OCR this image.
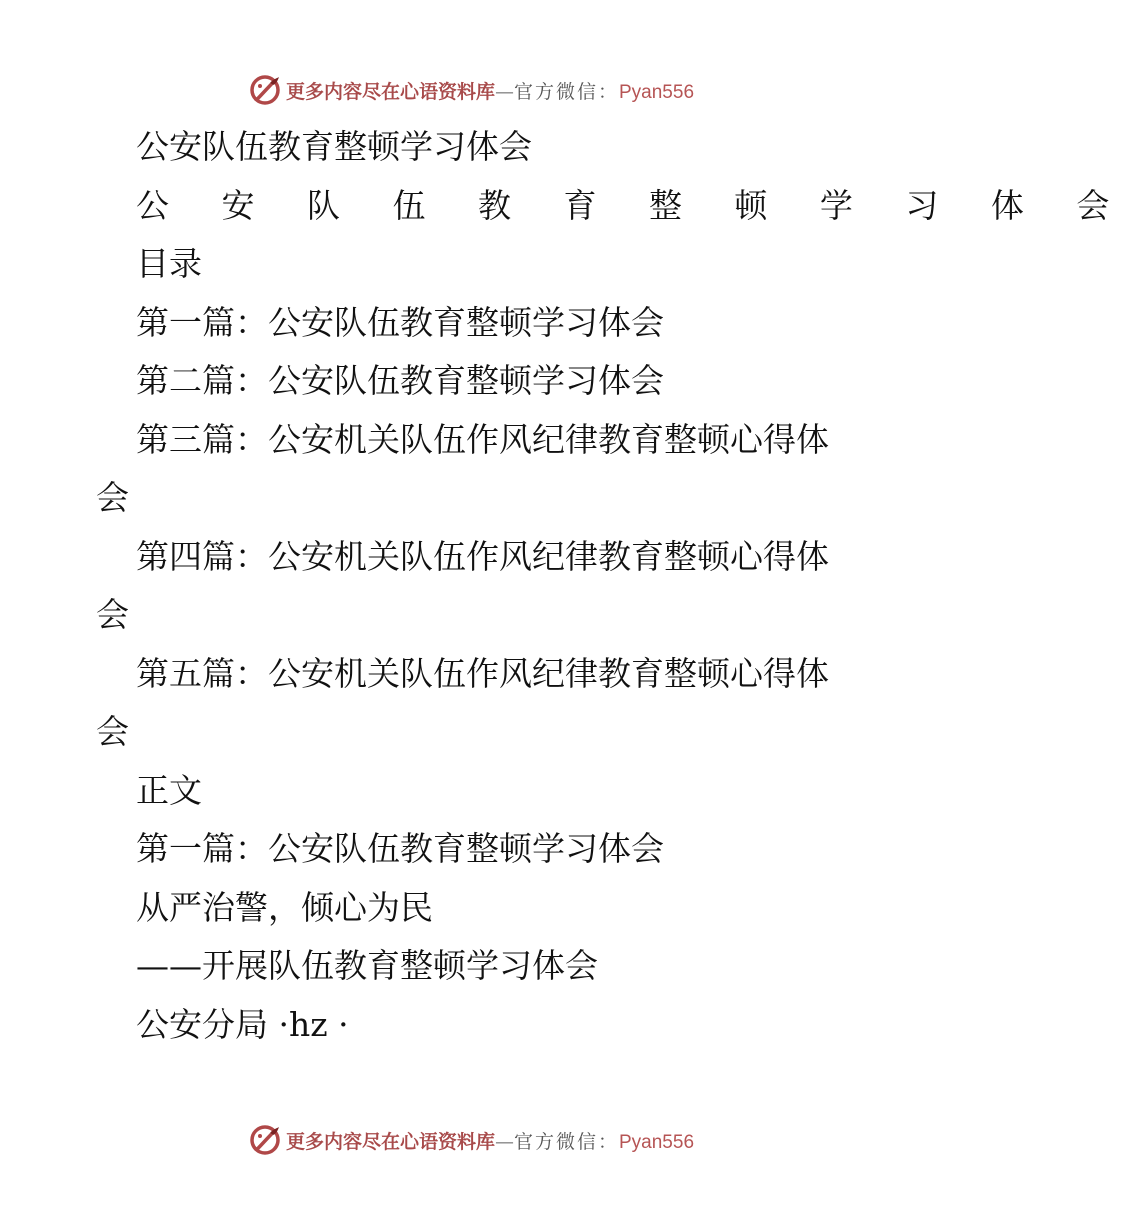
更多内容尽在心语资料库—官方微信：Pyan556
公安队伍教育整顿学习体会
公 安 队 伍 教 育 整 顿 学 习 体 会
目录
第一篇：公安队伍教育整顿学习体会
第二篇：公安队伍教育整顿学习体会
第三篇：公安机关队伍作风纪律教育整顿心得体
会
第四篇：公安机关队伍作风纪律教育整顿心得体
会
第五篇：公安机关队伍作风纪律教育整顿心得体
会
正文
第一篇：公安队伍教育整顿学习体会
从严治警，倾心为民
——开展队伍教育整顿学习体会
公安分局 ·hz ·
更多内容尽在心语资料库—官方微信：Pyan556
